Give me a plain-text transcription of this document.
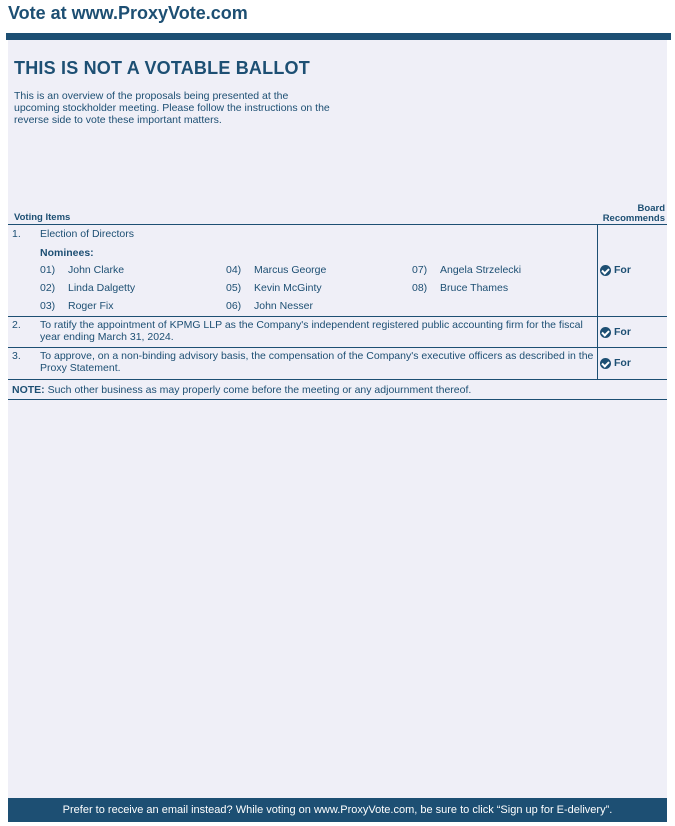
Vote at www.ProxyVote.com
THIS IS NOT A VOTABLE BALLOT
This is an overview of the proposals being presented at the upcoming stockholder meeting. Please follow the instructions on the reverse side to vote these important matters.
Voting Items
Board
Recommends
1. Election of Directors
Nominees:
01) John Clarke
02) Linda Dalgetty
03) Roger Fix
04) Marcus George
05) Kevin McGinty
06) John Nesser
07) Angela Strzelecki
08) Bruce Thames
For
2. To ratify the appointment of KPMG LLP as the Company's independent registered public accounting firm for the fiscal year ending March 31, 2024.	For
3. To approve, on a non-binding advisory basis, the compensation of the Company's executive officers as described in the Proxy Statement.	For
NOTE: Such other business as may properly come before the meeting or any adjournment thereof.
Prefer to receive an email instead? While voting on www.ProxyVote.com, be sure to click “Sign up for E-delivery”.
